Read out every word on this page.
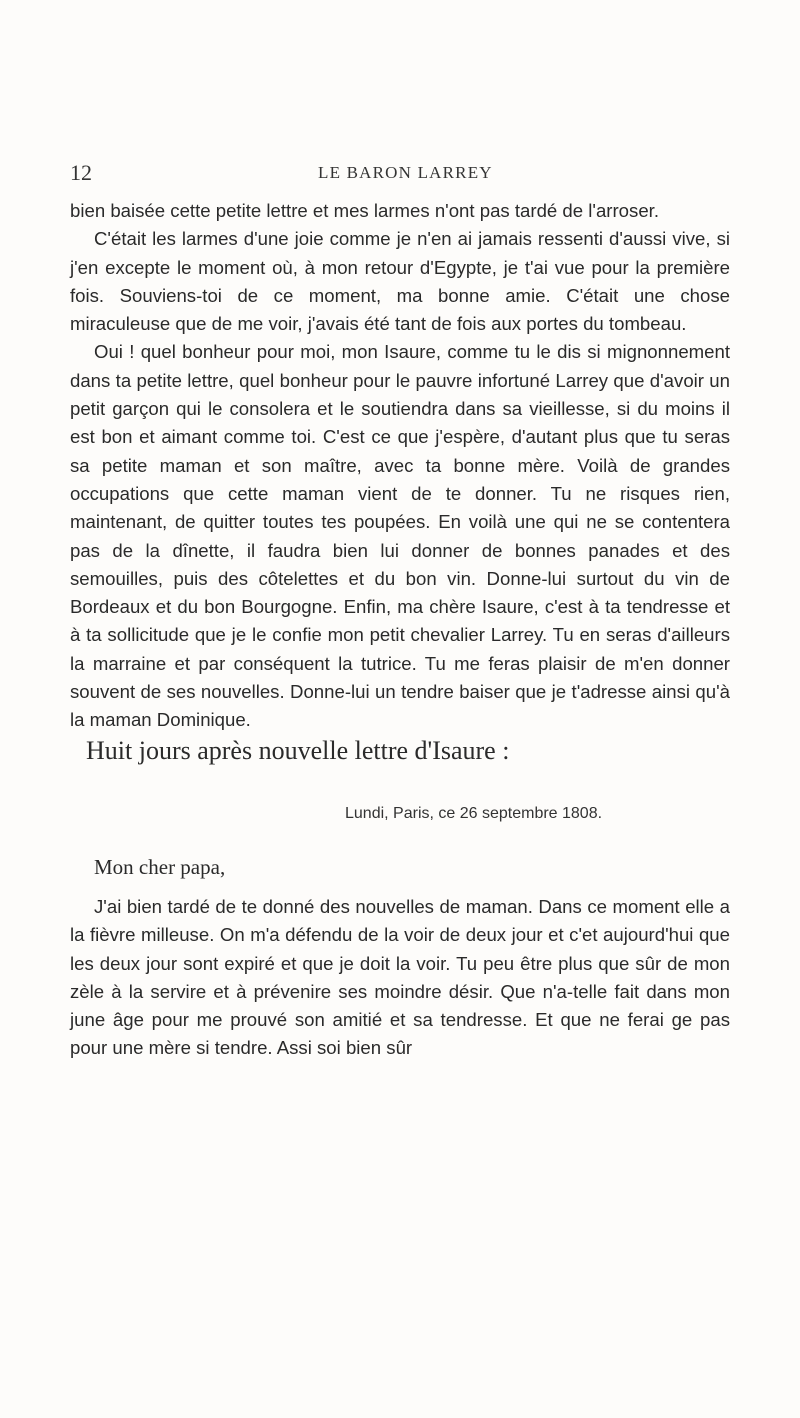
12	LE BARON LARREY

bien baisée cette petite lettre et mes larmes n'ont pas tardé de l'arroser.

C'était les larmes d'une joie comme je n'en ai jamais ressenti d'aussi vive, si j'en excepte le moment où, à mon retour d'Egypte, je t'ai vue pour la première fois. Souviens-toi de ce moment, ma bonne amie. C'était une chose miraculeuse que de me voir, j'avais été tant de fois aux portes du tombeau.

Oui ! quel bonheur pour moi, mon Isaure, comme tu le dis si mignonnement dans ta petite lettre, quel bonheur pour le pauvre infortuné Larrey que d'avoir un petit garçon qui le consolera et le soutiendra dans sa vieillesse, si du moins il est bon et aimant comme toi. C'est ce que j'espère, d'autant plus que tu seras sa petite maman et son maître, avec ta bonne mère. Voilà de grandes occupations que cette maman vient de te donner. Tu ne risques rien, maintenant, de quitter toutes tes poupées. En voilà une qui ne se contentera pas de la dînette, il faudra bien lui donner de bonnes panades et des semouilles, puis des côtelettes et du bon vin. Donne-lui surtout du vin de Bordeaux et du bon Bourgogne. Enfin, ma chère Isaure, c'est à ta tendresse et à ta sollicitude que je le confie mon petit chevalier Larrey. Tu en seras d'ailleurs la marraine et par conséquent la tutrice. Tu me feras plaisir de m'en donner souvent de ses nouvelles. Donne-lui un tendre baiser que je t'adresse ainsi qu'à la maman Dominique.

Huit jours après nouvelle lettre d'Isaure :
Lundi, Paris, ce 26 septembre 1808.
Mon cher papa,

J'ai bien tardé de te donné des nouvelles de maman. Dans ce moment elle a la fièvre milleuse. On m'a défendu de la voir de deux jour et c'et aujourd'hui que les deux jour sont expiré et que je doit la voir. Tu peu être plus que sûr de mon zèle à la servire et à prévenire ses moindre désir. Que n'a-telle fait dans mon june âge pour me prouvé son amitié et sa tendresse. Et que ne ferai ge pas pour une mère si tendre. Assi soi bien sûr
